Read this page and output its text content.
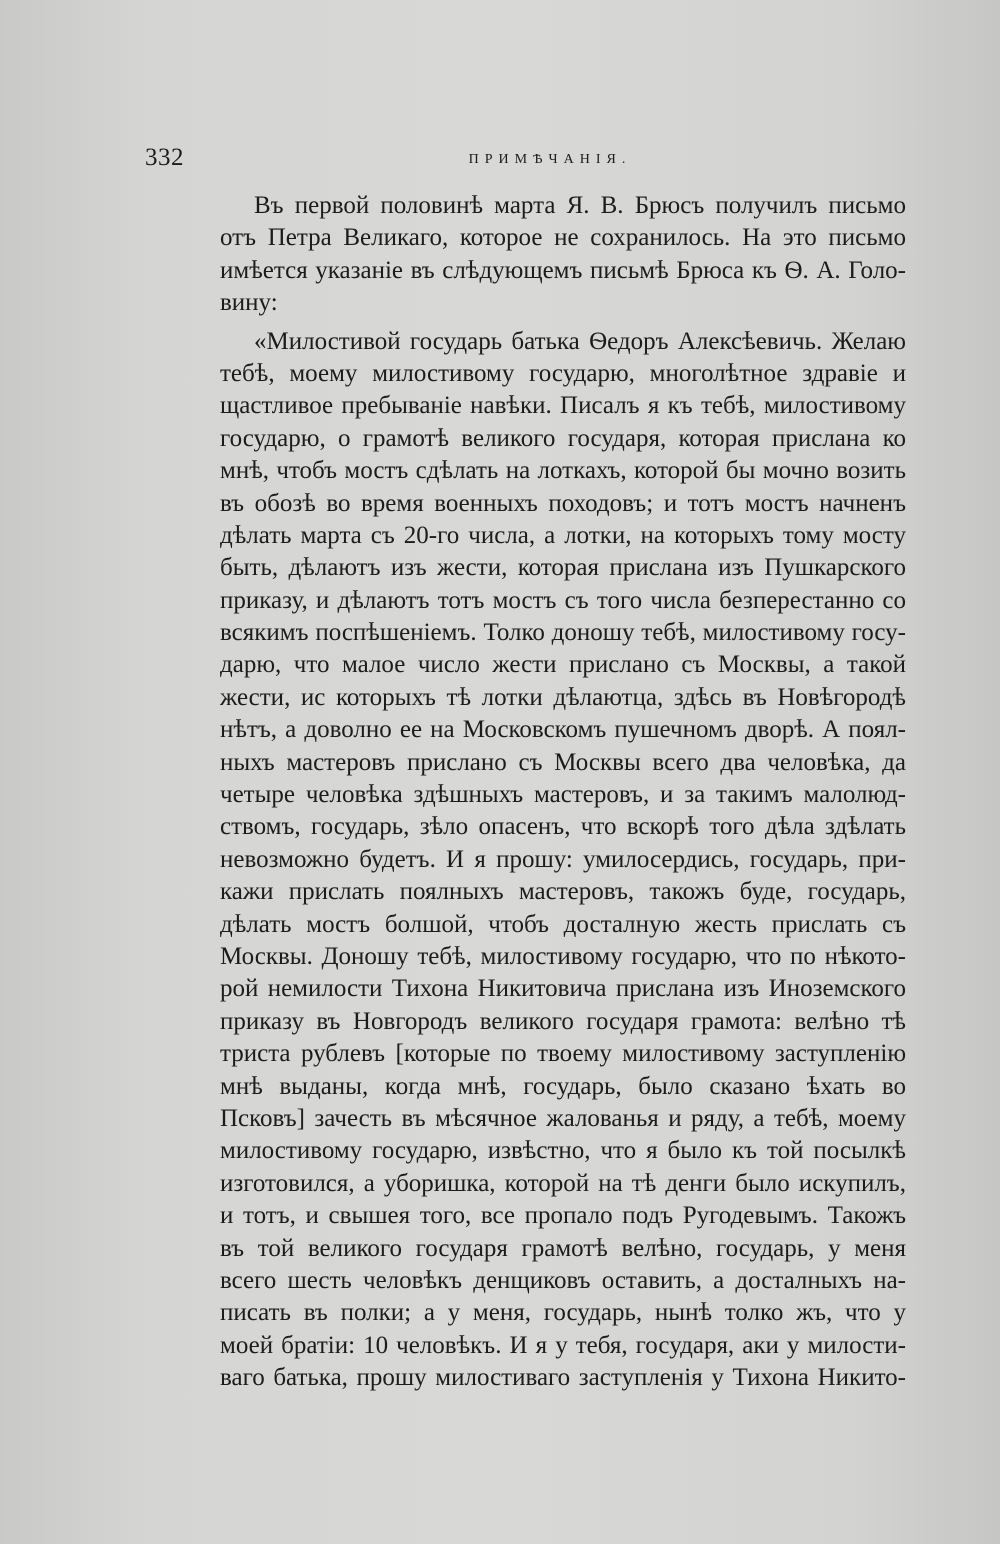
332	ПРИМѢЧАНІЯ.
Въ первой половинѣ марта Я. В. Брюсъ получилъ письмо
отъ Петра Великаго, которое не сохранилось. На это письмо
имѣется указаніе въ слѣдующемъ письмѣ Брюса къ Ѳ. А. Голо-
вину:
«Милостивой государь батька Ѳедоръ Алексѣевичь. Желаю
тебѣ, моему милостивому государю, многолѣтное здравіе и
щастливое пребываніе навѣки. Писалъ я къ тебѣ, милостивому
государю, о грамотѣ великого государя, которая прислана ко
мнѣ, чтобъ мостъ сдѣлать на лоткахъ, которой бы мочно возить
въ обозѣ во время военныхъ походовъ; и тотъ мостъ начненъ
дѣлать марта съ 20-го числа, а лотки, на которыхъ тому мосту
быть, дѣлаютъ изъ жести, которая прислана изъ Пушкарского
приказу, и дѣлаютъ тотъ мостъ съ того числа безперестанно со
всякимъ поспѣшеніемъ. Толко доношу тебѣ, милостивому госу-
дарю, что малое число жести прислано съ Москвы, а такой
жести, ис которыхъ тѣ лотки дѣлаютца, здѣсь въ Новѣгородѣ
нѣтъ, а доволно ее на Московскомъ пушечномъ дворѣ. А поял-
ныхъ мастеровъ прислано съ Москвы всего два человѣка, да
четыре человѣка здѣшныхъ мастеровъ, и за такимъ малолюд-
ствомъ, государь, зѣло опасенъ, что вскорѣ того дѣла здѣлать
невозможно будетъ. И я прошу: умилосердись, государь, при-
кажи прислать поялныхъ мастеровъ, такожъ буде, государь,
дѣлать мостъ болшой, чтобъ досталную жесть прислать съ
Москвы. Доношу тебѣ, милостивому государю, что по нѣкото-
рой немилости Тихона Никитовича прислана изъ Иноземского
приказу въ Новгородъ великого государя грамота: велѣно тѣ
триста рублевъ [которые по твоему милостивому заступленію
мнѣ выданы, когда мнѣ, государь, было сказано ѣхать во
Псковъ] зачесть въ мѣсячное жалованья и ряду, а тебѣ, моему
милостивому государю, извѣстно, что я было къ той посылкѣ
изготовился, а уборишка, которой на тѣ денги было искупилъ,
и тотъ, и свышея того, все пропало подъ Ругодевымъ. Такожъ
въ той великого государя грамотѣ велѣно, государь, у меня
всего шесть человѣкъ денщиковъ оставить, а досталныхъ на-
писать въ полки; а у меня, государь, нынѣ толко жъ, что у
моей братіи: 10 человѣкъ. И я у тебя, государя, аки у милости-
ваго батька, прошу милостиваго заступленія у Тихона Никито-
